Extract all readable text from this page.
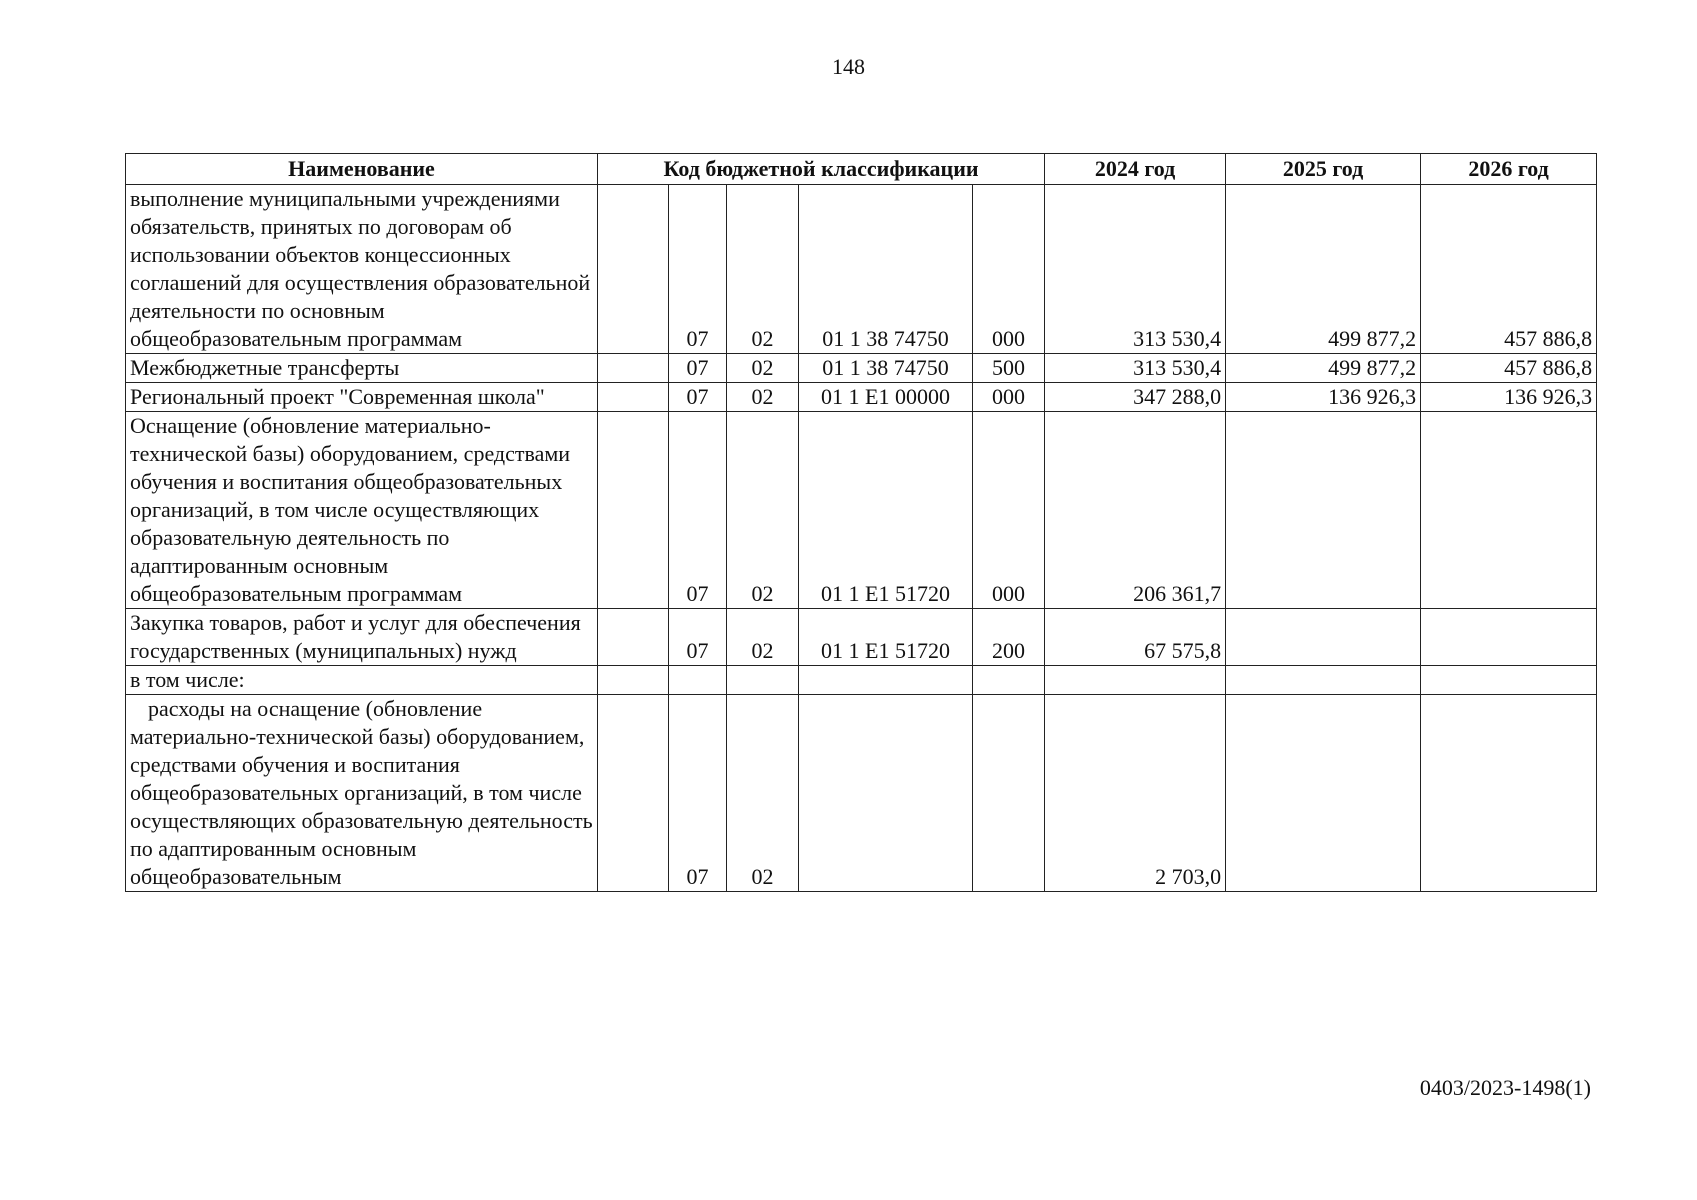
148
Наименование	Код бюджетной классификации					2024 год	2025 год	2026 год
выполнение муниципальными учреждениями обязательств, принятых по договорам об использовании объектов концессионных соглашений для осуществления образовательной деятельности по основным общеобразовательным программам		07	02	01 1 38 74750	000	313 530,4	499 877,2	457 886,8
Межбюджетные трансферты		07	02	01 1 38 74750	500	313 530,4	499 877,2	457 886,8
Региональный проект "Современная школа"		07	02	01 1 E1 00000	000	347 288,0	136 926,3	136 926,3
Оснащение (обновление материально-технической базы) оборудованием, средствами обучения и воспитания общеобразовательных организаций, в том числе осуществляющих образовательную деятельность по адаптированным основным общеобразовательным программам		07	02	01 1 E1 51720	000	206 361,7		
Закупка товаров, работ и услуг для обеспечения государственных (муниципальных) нужд		07	02	01 1 E1 51720	200	67 575,8		
в том числе:								
расходы на оснащение (обновление материально-технической базы) оборудованием, средствами обучения и воспитания общеобразовательных организаций, в том числе осуществляющих образовательную деятельность по адаптированным основным общеобразовательным		07	02			2 703,0		
0403/2023-1498(1)
